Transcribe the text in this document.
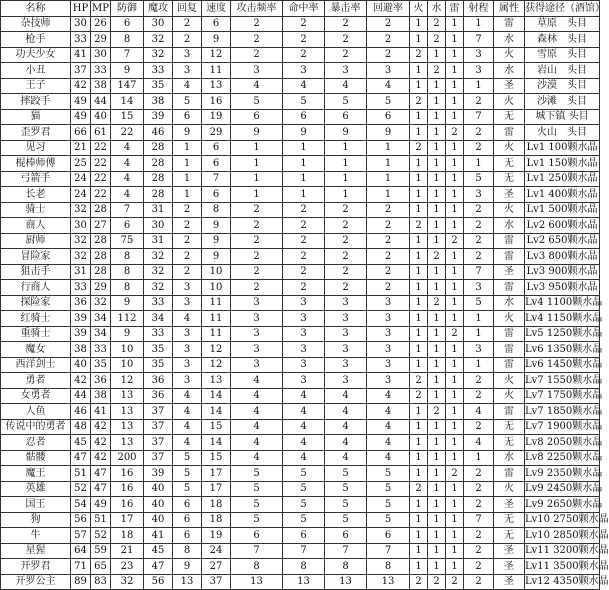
名称	HP	MP	防御	魔攻	回复	速度	攻击频率	命中率	暴击率	回避率	火	水	雷	射程	属性	获得途径（酒馆）
杂技师	30	26	6	30	2	6	2	2	2	2	1	2	1	1	雷	草原　头目
枪手	33	29	8	32	2	9	2	2	2	2	1	2	1	7	水	森林　头目
功夫少女	41	30	7	32	3	12	2	2	2	2	2	1	1	3	火	雪原　头目
小丑	37	33	9	33	3	11	3	3	3	3	1	2	1	3	水	岩山　头目
王子	42	38	147	35	4	13	4	4	4	4	1	1	1	1	圣	沙漠　头目
摔跤手	49	44	14	38	5	16	5	5	5	5	2	1	1	2	火	沙滩　头目
猫	49	40	15	39	6	19	6	6	6	6	1	1	1	7	无	城下镇 头目
歪罗君	66	61	22	46	9	29	9	9	9	9	1	1	2	2	雷	火山　头目
见习	21	22	4	28	1	6	1	1	1	1	2	1	1	2	火	Lv1 100颗水晶
棍棒师傅	25	22	4	28	1	6	1	1	1	1	1	1	1	1	无	Lv1 150颗水晶
弓箭手	24	22	4	28	1	7	1	1	1	1	1	1	1	5	无	Lv1 250颗水晶
长老	24	22	4	28	1	6	1	1	1	1	1	1	1	3	圣	Lv1 400颗水晶
骑士	32	28	7	31	2	8	2	2	2	2	1	1	1	2	火	Lv1 500颗水晶
商人	30	27	6	30	2	9	2	2	2	2	2	1	1	2	水	Lv2 600颗水晶
厨师	32	28	75	31	2	9	2	2	2	2	1	1	2	2	雷	Lv2 650颗水晶
冒险家	32	28	8	32	2	9	2	2	2	2	1	2	1	2	雷	Lv3 800颗水晶
狙击手	31	28	8	32	2	10	2	2	2	2	1	1	1	7	圣	Lv3 900颗水晶
行商人	33	29	8	32	3	10	2	2	2	2	1	1	1	3	雷	Lv3 950颗水晶
探险家	36	32	9	33	3	11	3	3	3	3	1	2	1	5	水	Lv4 1100颗水晶
红骑士	39	34	112	34	4	11	3	3	3	3	1	1	1	1	火	Lv4 1150颗水晶
重骑士	39	34	9	33	3	11	3	3	3	3	1	1	2	1	雷	Lv5 1250颗水晶
魔女	38	33	10	35	3	12	3	3	3	3	1	1	1	3	雷	Lv6 1350颗水晶
西洋剑士	40	35	10	35	3	12	3	3	3	3	1	1	1	1	雷	Lv6 1450颗水晶
勇者	42	36	12	36	3	13	4	3	3	3	2	1	1	2	火	Lv7 1550颗水晶
女勇者	44	38	13	36	4	14	4	4	4	4	2	1	1	2	火	Lv7 1750颗水晶
人鱼	46	41	13	37	4	14	4	4	4	4	1	2	1	4	雷	Lv7 1850颗水晶
传说中的勇者	48	42	13	37	4	15	4	4	4	4	1	1	1	2	无	Lv7 1900颗水晶
忍者	45	42	13	37	4	14	4	4	4	4	1	1	1	4	无	Lv8 2050颗水晶
骷髅	47	42	200	37	5	15	4	4	4	4	1	1	1	1	水	Lv8 2250颗水晶
魔王	51	47	16	39	5	17	5	5	5	5	1	1	2	2	雷	Lv9 2350颗水晶
英雄	52	47	16	40	5	17	5	5	5	5	2	1	1	2	火	Lv9 2450颗水晶
国王	54	49	16	40	6	18	5	5	5	5	1	1	1	2	圣	Lv9 2650颗水晶
狗	56	51	17	40	6	18	5	5	5	5	1	1	1	7	无	Lv10 2750颗水晶
牛	57	52	18	41	6	19	6	6	6	6	1	1	1	2	无	Lv10 2850颗水晶
星猩	64	59	21	45	8	24	7	7	7	7	1	1	1	2	圣	Lv11 3200颗水晶
开罗君	71	65	23	47	9	27	8	8	8	8	1	1	1	2	圣	Lv11 3500颗水晶
开罗公主	89	83	32	56	13	37	13	13	13	13	2	2	2	2	圣	Lv12 4350颗水晶
